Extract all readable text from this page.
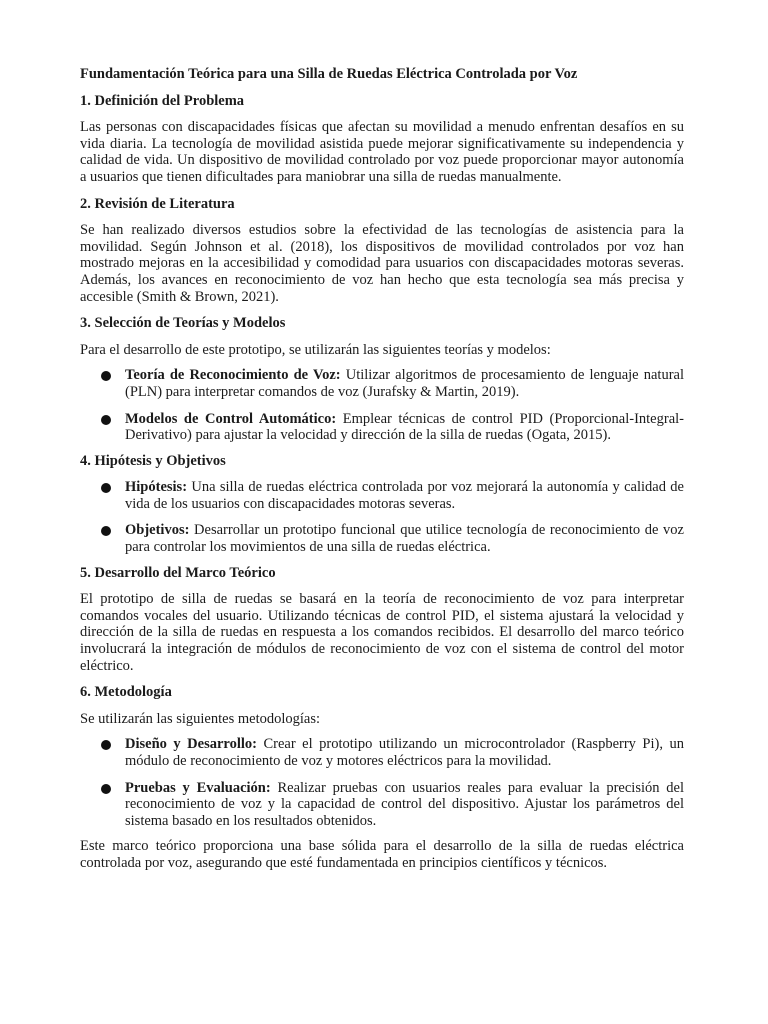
Fundamentación Teórica para una Silla de Ruedas Eléctrica Controlada por Voz

1. Definición del Problema

Las personas con discapacidades físicas que afectan su movilidad a menudo enfrentan desafíos en su vida diaria. La tecnología de movilidad asistida puede mejorar significativamente su independencia y calidad de vida. Un dispositivo de movilidad controlado por voz puede proporcionar mayor autonomía a usuarios que tienen dificultades para maniobrar una silla de ruedas manualmente.

2. Revisión de Literatura

Se han realizado diversos estudios sobre la efectividad de las tecnologías de asistencia para la movilidad. Según Johnson et al. (2018), los dispositivos de movilidad controlados por voz han mostrado mejoras en la accesibilidad y comodidad para usuarios con discapacidades motoras severas. Además, los avances en reconocimiento de voz han hecho que esta tecnología sea más precisa y accesible (Smith & Brown, 2021).

3. Selección de Teorías y Modelos

Para el desarrollo de este prototipo, se utilizarán las siguientes teorías y modelos:

Teoría de Reconocimiento de Voz: Utilizar algoritmos de procesamiento de lenguaje natural (PLN) para interpretar comandos de voz (Jurafsky & Martin, 2019).
Modelos de Control Automático: Emplear técnicas de control PID (Proporcional-Integral-Derivativo) para ajustar la velocidad y dirección de la silla de ruedas (Ogata, 2015).

4. Hipótesis y Objetivos

Hipótesis: Una silla de ruedas eléctrica controlada por voz mejorará la autonomía y calidad de vida de los usuarios con discapacidades motoras severas.
Objetivos: Desarrollar un prototipo funcional que utilice tecnología de reconocimiento de voz para controlar los movimientos de una silla de ruedas eléctrica.

5. Desarrollo del Marco Teórico

El prototipo de silla de ruedas se basará en la teoría de reconocimiento de voz para interpretar comandos vocales del usuario. Utilizando técnicas de control PID, el sistema ajustará la velocidad y dirección de la silla de ruedas en respuesta a los comandos recibidos. El desarrollo del marco teórico involucrará la integración de módulos de reconocimiento de voz con el sistema de control del motor eléctrico.

6. Metodología

Se utilizarán las siguientes metodologías:

Diseño y Desarrollo: Crear el prototipo utilizando un microcontrolador (Raspberry Pi), un módulo de reconocimiento de voz y motores eléctricos para la movilidad.
Pruebas y Evaluación: Realizar pruebas con usuarios reales para evaluar la precisión del reconocimiento de voz y la capacidad de control del dispositivo. Ajustar los parámetros del sistema basado en los resultados obtenidos.

Este marco teórico proporciona una base sólida para el desarrollo de la silla de ruedas eléctrica controlada por voz, asegurando que esté fundamentada en principios científicos y técnicos.
